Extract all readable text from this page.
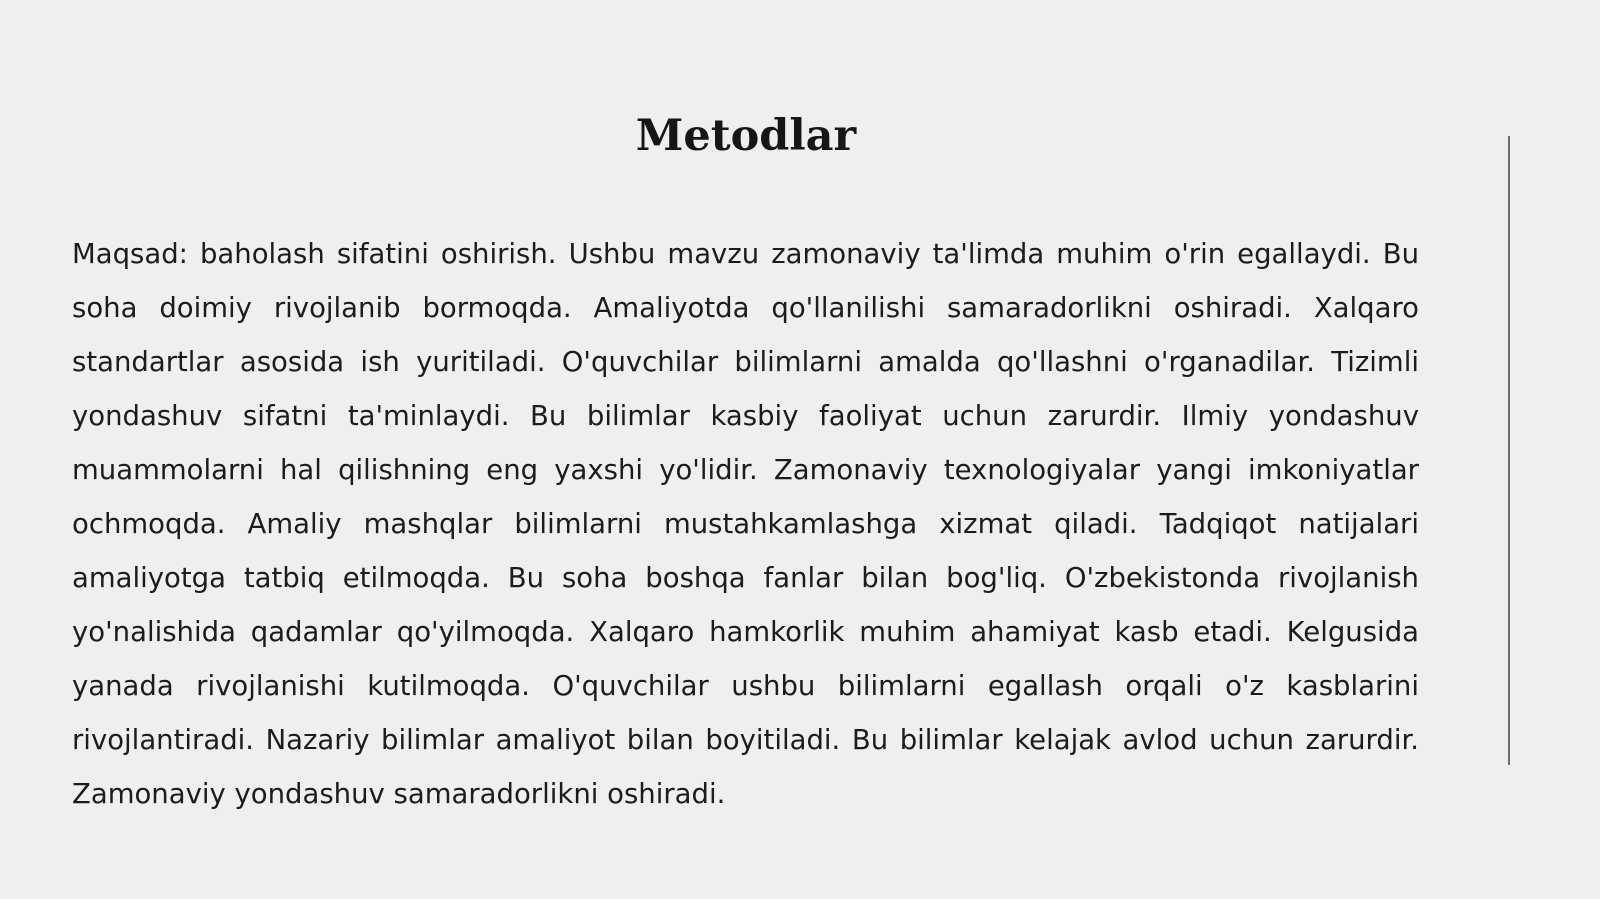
Metodlar

Maqsad: baholash sifatini oshirish. Ushbu mavzu zamonaviy ta'limda muhim o'rin egallaydi. Bu soha doimiy rivojlanib bormoqda. Amaliyotda qo'llanilishi samaradorlikni oshiradi. Xalqaro standartlar asosida ish yuritiladi. O'quvchilar bilimlarni amalda qo'llashni o'rganadilar. Tizimli yondashuv sifatni ta'minlaydi. Bu bilimlar kasbiy faoliyat uchun zarurdir. Ilmiy yondashuv muammolarni hal qilishning eng yaxshi yo'lidir. Zamonaviy texnologiyalar yangi imkoniyatlar ochmoqda. Amaliy mashqlar bilimlarni mustahkamlashga xizmat qiladi. Tadqiqot natijalari amaliyotga tatbiq etilmoqda. Bu soha boshqa fanlar bilan bog'liq. O'zbekistonda rivojlanish yo'nalishida qadamlar qo'yilmoqda. Xalqaro hamkorlik muhim ahamiyat kasb etadi. Kelgusida yanada rivojlanishi kutilmoqda. O'quvchilar ushbu bilimlarni egallash orqali o'z kasblarini rivojlantiradi. Nazariy bilimlar amaliyot bilan boyitiladi. Bu bilimlar kelajak avlod uchun zarurdir. Zamonaviy yondashuv samaradorlikni oshiradi.
